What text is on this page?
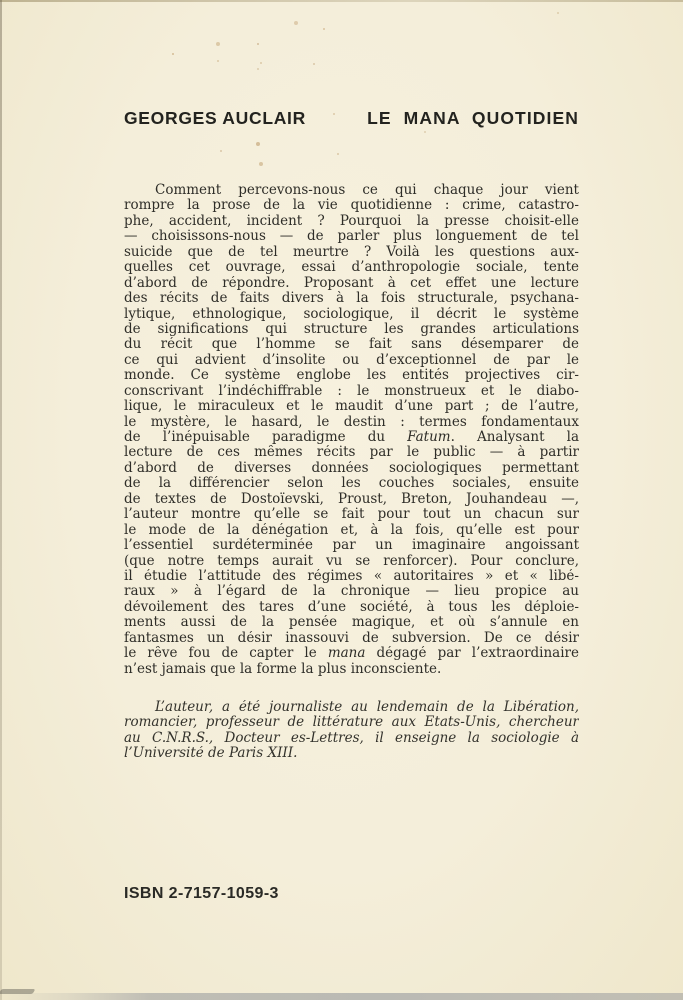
GEORGES AUCLAIR	LE MANA QUOTIDIEN
Comment percevons-nous ce qui chaque jour vient
rompre la prose de la vie quotidienne : crime, catastro-
phe, accident, incident ? Pourquoi la presse choisit-elle
— choisissons-nous — de parler plus longuement de tel
suicide que de tel meurtre ? Voilà les questions aux-
quelles cet ouvrage, essai d’anthropologie sociale, tente
d’abord de répondre. Proposant à cet effet une lecture
des récits de faits divers à la fois structurale, psychana-
lytique, ethnologique, sociologique, il décrit le système
de significations qui structure les grandes articulations
du récit que l’homme se fait sans désemparer de
ce qui advient d’insolite ou d’exceptionnel de par le
monde. Ce système englobe les entités projectives cir-
conscrivant l’indéchiffrable : le monstrueux et le diabo-
lique, le miraculeux et le maudit d’une part ; de l’autre,
le mystère, le hasard, le destin : termes fondamentaux
de l’inépuisable paradigme du Fatum. Analysant la
lecture de ces mêmes récits par le public — à partir
d’abord de diverses données sociologiques permettant
de la différencier selon les couches sociales, ensuite
de textes de Dostoïevski, Proust, Breton, Jouhandeau —,
l’auteur montre qu’elle se fait pour tout un chacun sur
le mode de la dénégation et, à la fois, qu’elle est pour
l’essentiel surdéterminée par un imaginaire angoissant
(que notre temps aurait vu se renforcer). Pour conclure,
il étudie l’attitude des régimes « autoritaires » et « libé-
raux » à l’égard de la chronique — lieu propice au
dévoilement des tares d’une société, à tous les déploie-
ments aussi de la pensée magique, et où s’annule en
fantasmes un désir inassouvi de subversion. De ce désir
le rêve fou de capter le mana dégagé par l’extraordinaire
n’est jamais que la forme la plus inconsciente.
L’auteur, a été journaliste au lendemain de la Libération,
romancier, professeur de littérature aux États-Unis, chercheur
au C.N.R.S., Docteur es-Lettres, il enseigne la sociologie à
l’Université de Paris XIII.
ISBN 2-7157-1059-3
